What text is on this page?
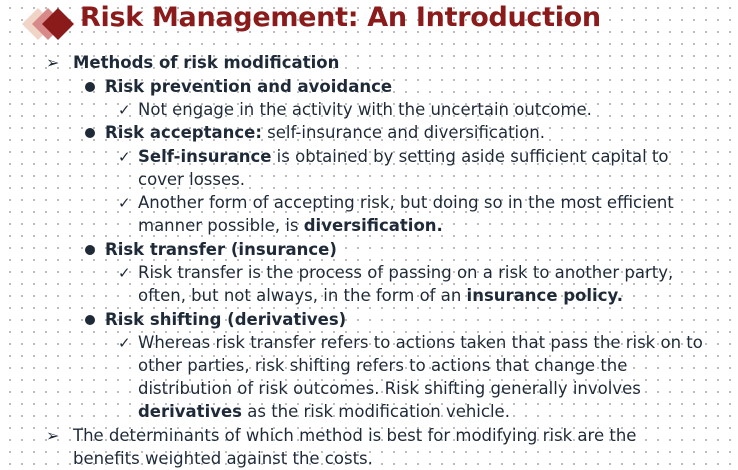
Risk Management: An Introduction
➢ Methods of risk modification
Risk prevention and avoidance
✓ Not engage in the activity with the uncertain outcome.
Risk acceptance: self-insurance and diversification.
✓ Self-insurance is obtained by setting aside sufficient capital to
cover losses.
✓ Another form of accepting risk, but doing so in the most efficient
manner possible, is diversification.
Risk transfer (insurance)
✓ Risk transfer is the process of passing on a risk to another party,
often, but not always, in the form of an insurance policy.
Risk shifting (derivatives)
✓ Whereas risk transfer refers to actions taken that pass the risk on to
other parties, risk shifting refers to actions that change the
distribution of risk outcomes. Risk shifting generally involves
derivatives as the risk modification vehicle.
➢ The determinants of which method is best for modifying risk are the
benefits weighted against the costs.
